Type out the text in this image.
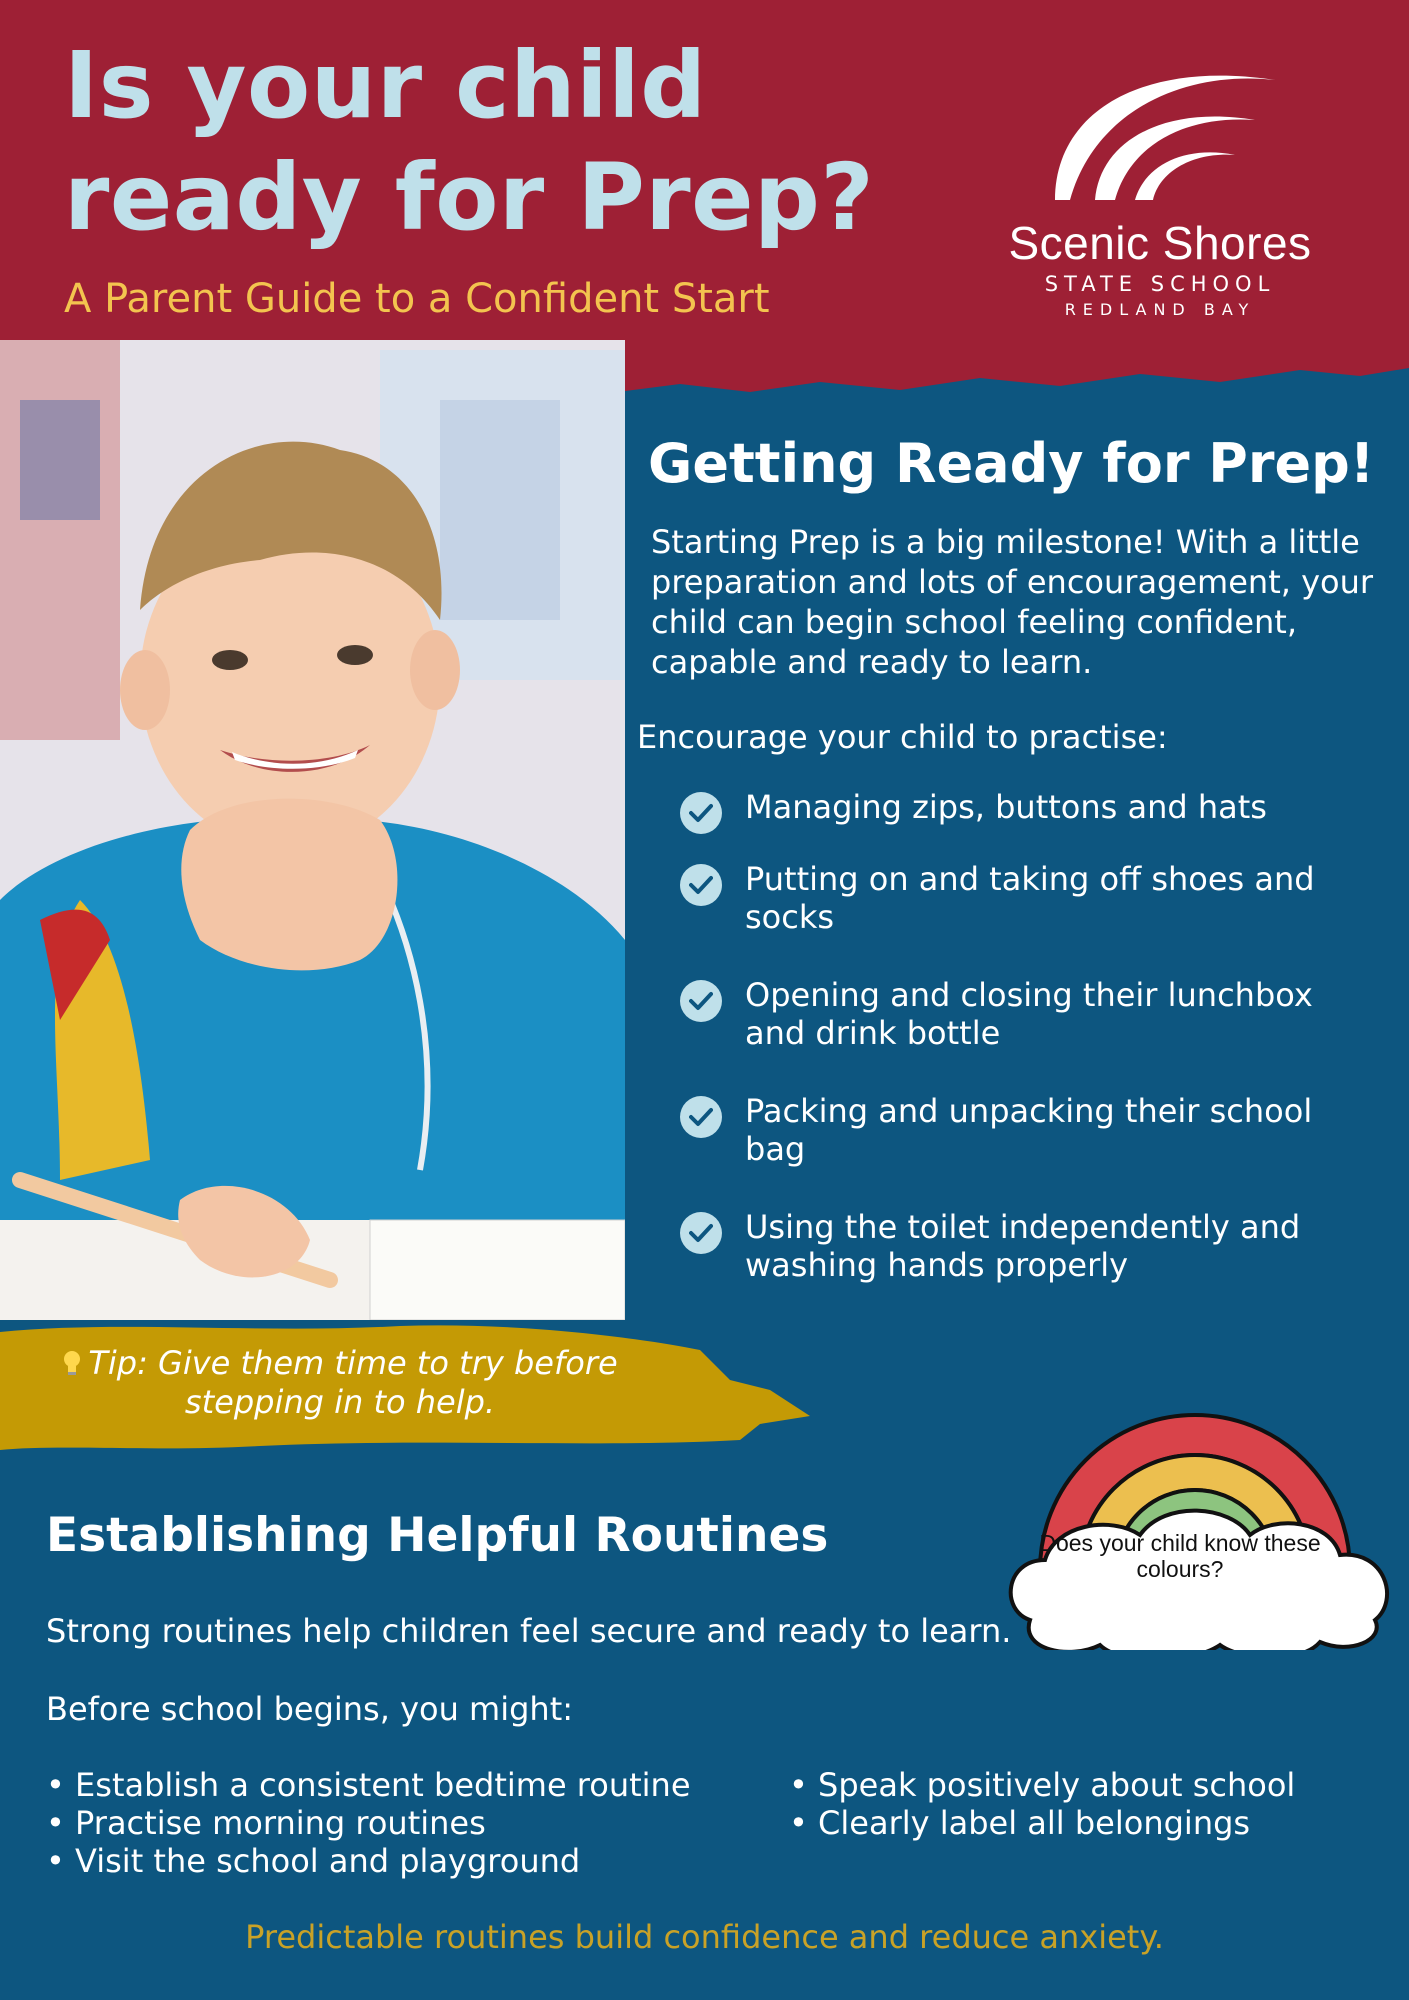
Is your child
ready for Prep?
A Parent Guide to a Confident Start
Scenic Shores
STATE SCHOOL
REDLAND BAY
Getting Ready for Prep!
Starting Prep is a big milestone! With a little preparation and lots of encouragement, your child can begin school feeling confident, capable and ready to learn.
Encourage your child to practise:
Managing zips, buttons and hats
Putting on and taking off shoes and socks
Opening and closing their lunchbox and drink bottle
Packing and unpacking their school bag
Using the toilet independently and washing hands properly
Tip: Give them time to try before stepping in to help.
Does your child know these colours?
Establishing Helpful Routines
Strong routines help children feel secure and ready to learn.
Before school begins, you might:
• Establish a consistent bedtime routine
• Practise morning routines
• Visit the school and playground
• Speak positively about school
• Clearly label all belongings
Predictable routines build confidence and reduce anxiety.
